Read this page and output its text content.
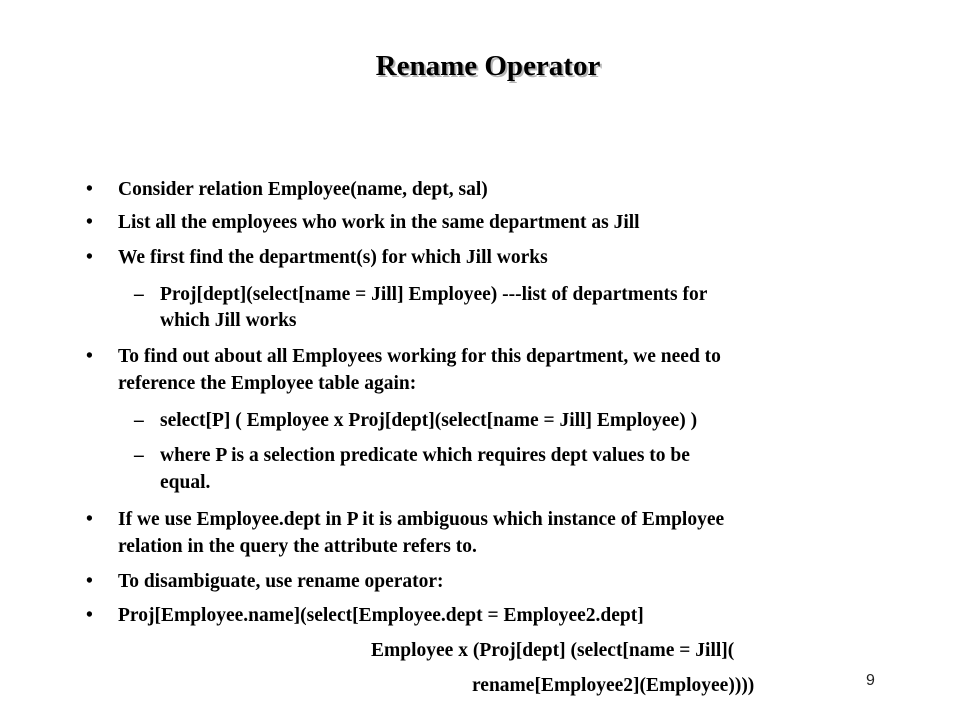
Rename Operator
• Consider relation Employee(name, dept, sal)
• List all the employees who work in the same department as Jill
• We first find the department(s) for which Jill works
– Proj[dept](select[name = Jill] Employee) ---list of departments for
which Jill works
• To find out about all Employees working for this department, we need to
reference the Employee table again:
– select[P] ( Employee x Proj[dept](select[name = Jill] Employee) )
– where P is a selection predicate which requires dept values to be
equal.
• If we use Employee.dept in P it is ambiguous which instance of Employee
relation in the query the attribute refers to.
• To disambiguate, use rename operator:
• Proj[Employee.name](select[Employee.dept = Employee2.dept]
Employee x (Proj[dept] (select[name = Jill](
rename[Employee2](Employee))))	9
